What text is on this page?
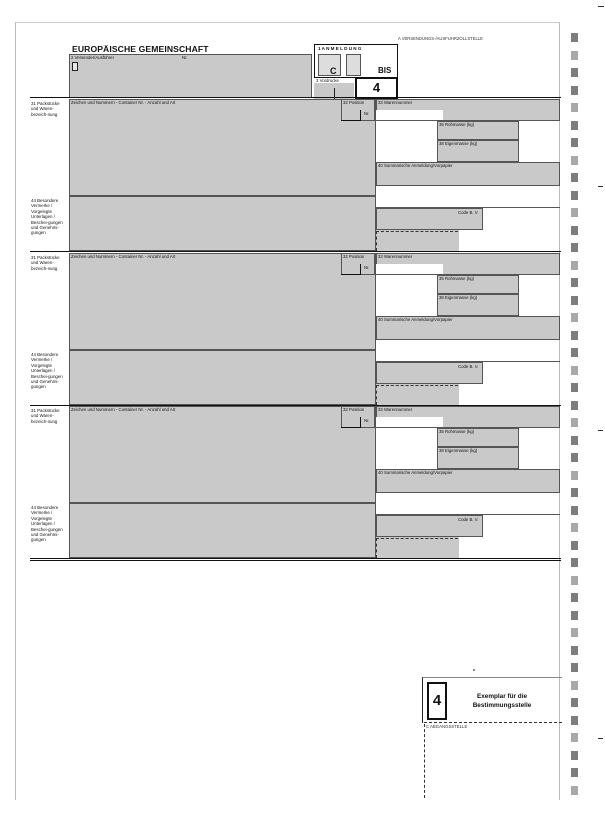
A VERSENDUNGS-/AUSFUHRZOLLSTELLE
EUROPÄISCHE GEMEINSCHAFT
2 Versender/Ausführer	Nr.
1 A N M E L D U N G
C	BIS
3 Vordrucke	4
31 Packstücke und Waren-bezeich-nung
Zeichen und Nummern - Container Nr. - Anzahl und Art	32 Position
Nr.
33 Warennummer
35 Rohmasse (kg)
38 Eigenmasse (kg)
40 Summarische Anmeldung/Vorpapier
44 Besondere Vermerke / Vorgelegte Unterlagen / Beschei-gungen und Genehmi-gungen
Code B. V.
31 Packstücke und Waren-bezeich-nung
Zeichen und Nummern - Container Nr. - Anzahl und Art	32 Position
Nr.
33 Warennummer
35 Rohmasse (kg)
38 Eigenmasse (kg)
40 Summarische Anmeldung/Vorpapier
44 Besondere Vermerke / Vorgelegte Unterlagen / Beschei-gungen und Genehmi-gungen
Code B. V.
31 Packstücke und Waren-bezeich-nung
Zeichen und Nummern - Container Nr. - Anzahl und Art	32 Position
Nr.
33 Warennummer
35 Rohmasse (kg)
38 Eigenmasse (kg)
40 Summarische Anmeldung/Vorpapier
44 Besondere Vermerke / Vorgelegte Unterlagen / Beschei-gungen und Genehmi-gungen
Code B. V.
4	Exemplar für die
Bestimmungsstelle
C ABGANGSSTELLE
